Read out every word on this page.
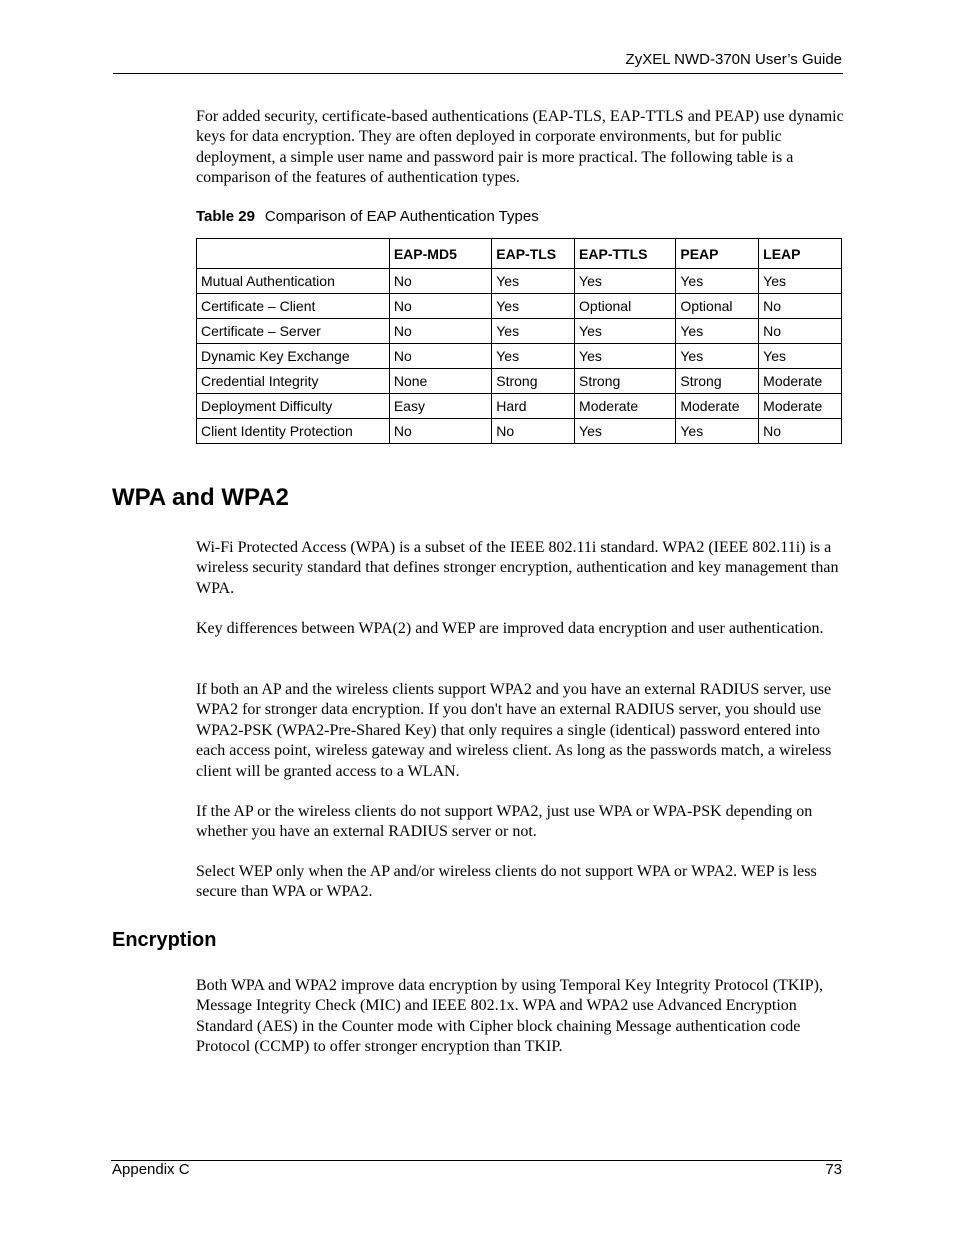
ZyXEL NWD-370N User’s Guide

For added security, certificate-based authentications (EAP-TLS, EAP-TTLS and PEAP) use dynamic keys for data encryption. They are often deployed in corporate environments, but for public deployment, a simple user name and password pair is more practical. The following table is a comparison of the features of authentication types.

Table 29 Comparison of EAP Authentication Types
	EAP-MD5	EAP-TLS	EAP-TTLS	PEAP	LEAP
Mutual Authentication	No	Yes	Yes	Yes	Yes
Certificate – Client	No	Yes	Optional	Optional	No
Certificate – Server	No	Yes	Yes	Yes	No
Dynamic Key Exchange	No	Yes	Yes	Yes	Yes
Credential Integrity	None	Strong	Strong	Strong	Moderate
Deployment Difficulty	Easy	Hard	Moderate	Moderate	Moderate
Client Identity Protection	No	No	Yes	Yes	No
WPA and WPA2

Wi-Fi Protected Access (WPA) is a subset of the IEEE 802.11i standard. WPA2 (IEEE 802.11i) is a wireless security standard that defines stronger encryption, authentication and key management than WPA.

Key differences between WPA(2) and WEP are improved data encryption and user authentication.

If both an AP and the wireless clients support WPA2 and you have an external RADIUS server, use WPA2 for stronger data encryption. If you don't have an external RADIUS server, you should use WPA2-PSK (WPA2-Pre-Shared Key) that only requires a single (identical) password entered into each access point, wireless gateway and wireless client. As long as the passwords match, a wireless client will be granted access to a WLAN.

If the AP or the wireless clients do not support WPA2, just use WPA or WPA-PSK depending on whether you have an external RADIUS server or not.

Select WEP only when the AP and/or wireless clients do not support WPA or WPA2. WEP is less secure than WPA or WPA2.

Encryption

Both WPA and WPA2 improve data encryption by using Temporal Key Integrity Protocol (TKIP), Message Integrity Check (MIC) and IEEE 802.1x. WPA and WPA2 use Advanced Encryption Standard (AES) in the Counter mode with Cipher block chaining Message authentication code Protocol (CCMP) to offer stronger encryption than TKIP.

Appendix C	73
